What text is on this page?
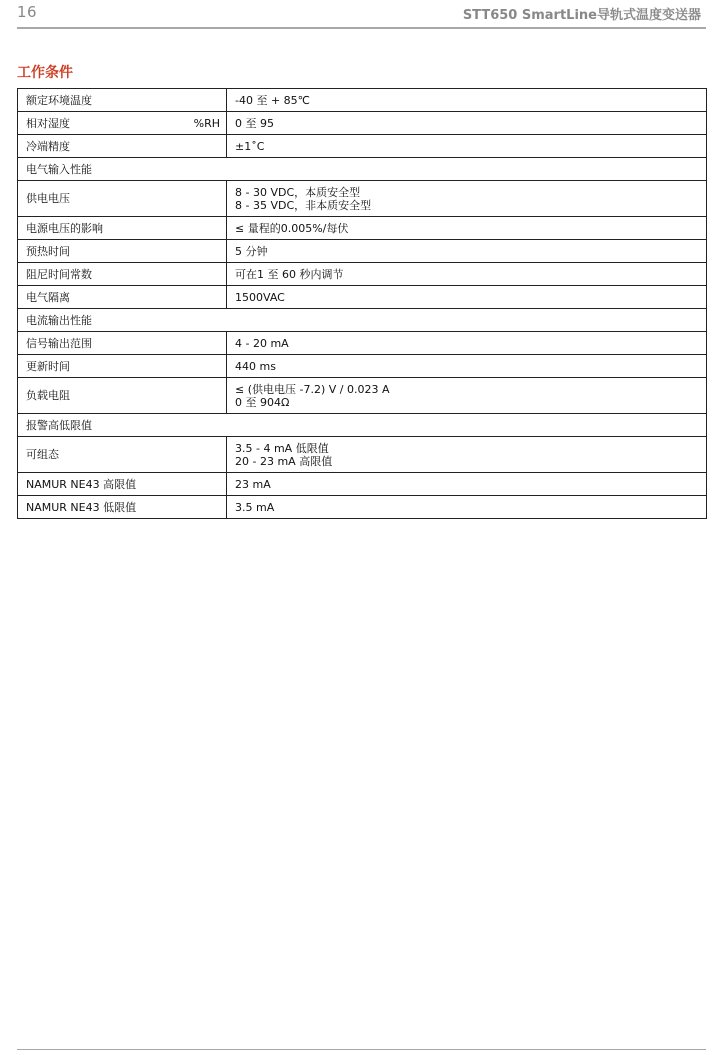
16	STT650 SmartLine导轨式温度变送器
工作条件
额定环境温度	-40 至 + 85℃

相对湿度 %RH	0 至 95
冷端精度	±1˚C
电气输入性能	
供电电压	8 - 30 VDC，本质安全型
8 - 35 VDC，非本质安全型

电源电压的影响	≤ 量程的0.005%/每伏
预热时间	5 分钟
阻尼时间常数	可在1 至 60 秒内调节
电气隔离	1500VAC
电流输出性能	
信号输出范围	4 - 20 mA
更新时间	440 ms
负载电阻	≤ (供电电压 -7.2) V / 0.023 A
0 至 904Ω

报警高低限值	
可组态	3.5 - 4 mA 低限值
20 - 23 mA 高限值

NAMUR NE43 高限值	23 mA
NAMUR NE43 低限值	3.5 mA
